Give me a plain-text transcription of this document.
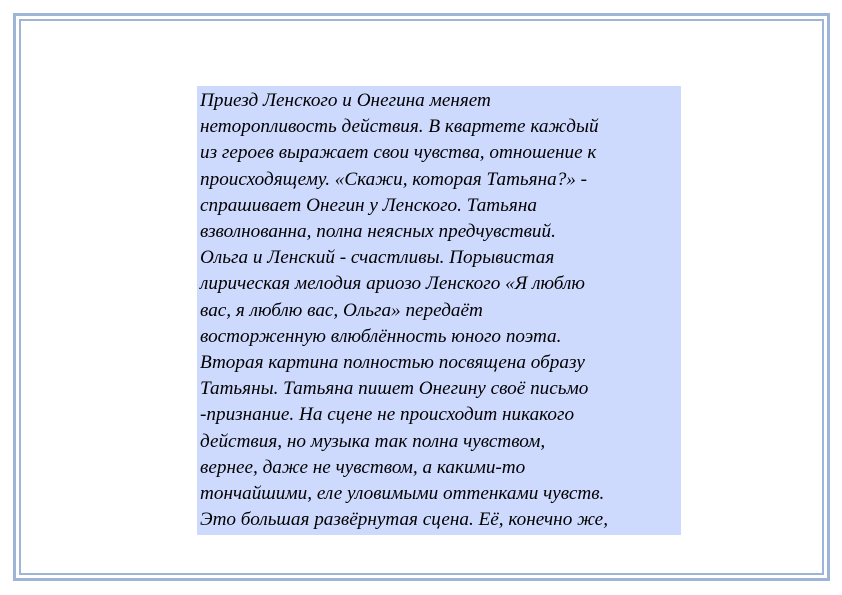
Приезд Ленского и Онегина меняет
неторопливость действия. В квартете каждый
из героев выражает свои чувства, отношение к
происходящему. «Скажи, которая Татьяна?» -
спрашивает Онегин у Ленского. Татьяна
взволнованна, полна неясных предчувствий.
Ольга и Ленский - счастливы. Порывистая
лирическая мелодия ариозо Ленского «Я люблю
вас, я люблю вас, Ольга» передаёт
восторженную влюблённость юного поэта.
Вторая картина полностью посвящена образу
Татьяны. Татьяна пишет Онегину своё письмо
-признание. На сцене не происходит никакого
действия, но музыка так полна чувством,
вернее, даже не чувством, а какими-то
тончайшими, еле уловимыми оттенками чувств.
Это большая развёрнутая сцена. Её, конечно же,
